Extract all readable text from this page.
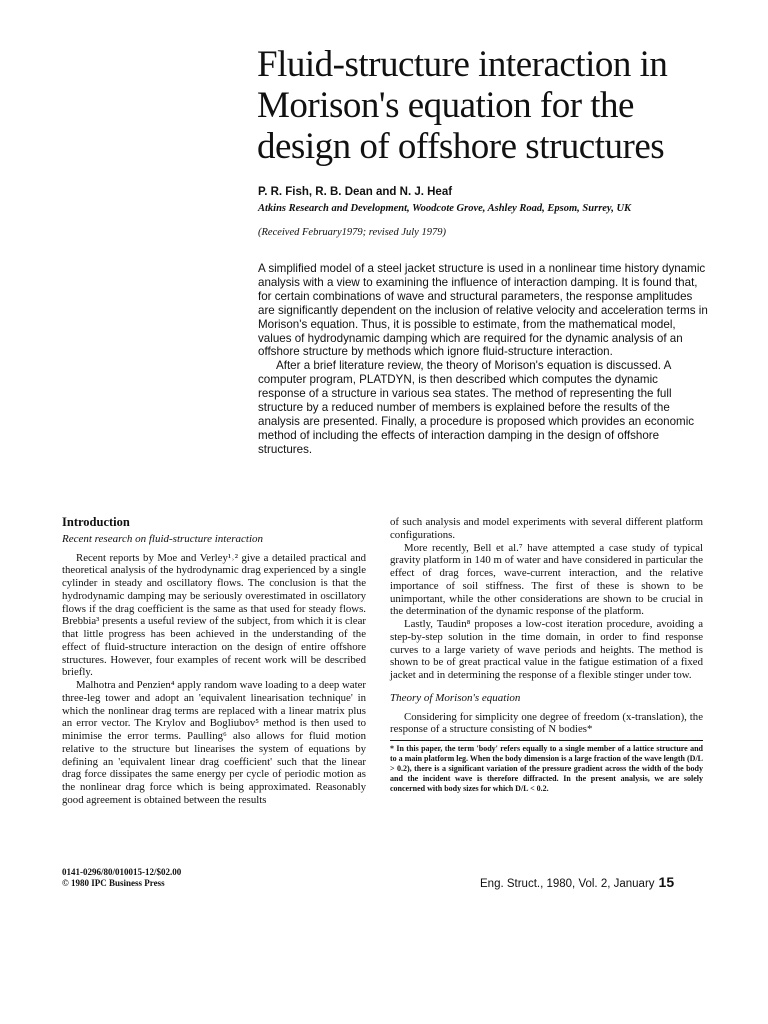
Fluid-structure interaction in
Morison's equation for the
design of offshore structures

P. R. Fish, R. B. Dean and N. J. Heaf

Atkins Research and Development, Woodcote Grove, Ashley Road, Epsom, Surrey, UK

(Received February1979; revised July 1979)

A simplified model of a steel jacket structure is used in a nonlinear time history dynamic analysis with a view to examining the influence of interaction damping. It is found that, for certain combinations of wave and structural parameters, the response amplitudes are significantly dependent on the inclusion of relative velocity and acceleration terms in Morison's equation. Thus, it is possible to estimate, from the mathematical model, values of hydrodynamic damping which are required for the dynamic analysis of an offshore structure by methods which ignore fluid-structure interaction.

After a brief literature review, the theory of Morison's equation is discussed. A computer program, PLATDYN, is then described which computes the dynamic response of a structure in various sea states. The method of representing the full structure by a reduced number of members is explained before the results of the analysis are presented. Finally, a procedure is proposed which provides an economic method of including the effects of interaction damping in the design of offshore structures.

Introduction
Recent research on fluid-structure interaction

Recent reports by Moe and Verley¹˒² give a detailed practical and theoretical analysis of the hydrodynamic drag experienced by a single cylinder in steady and oscillatory flows. The conclusion is that the hydrodynamic damping may be seriously overestimated in oscillatory flows if the drag coefficient is the same as that used for steady flows. Brebbia³ presents a useful review of the subject, from which it is clear that little progress has been achieved in the understanding of the effect of fluid-structure interaction on the design of entire offshore structures. However, four examples of recent work will be described briefly.

Malhotra and Penzien⁴ apply random wave loading to a deep water three-leg tower and adopt an 'equivalent linearisation technique' in which the nonlinear drag terms are replaced with a linear matrix plus an error vector. The Krylov and Bogliubov⁵ method is then used to minimise the error terms. Paulling⁶ also allows for fluid motion relative to the structure but linearises the system of equations by defining an 'equivalent linear drag coefficient' such that the linear drag force dissipates the same energy per cycle of periodic motion as the nonlinear drag force which is being approximated. Reasonably good agreement is obtained between the results

of such analysis and model experiments with several different platform configurations.

More recently, Bell et al.⁷ have attempted a case study of typical gravity platform in 140 m of water and have considered in particular the effect of drag forces, wave-current interaction, and the relative importance of soil stiffness. The first of these is shown to be unimportant, while the other considerations are shown to be crucial in the determination of the dynamic response of the platform.

Lastly, Taudin⁸ proposes a low-cost iteration procedure, avoiding a step-by-step solution in the time domain, in order to find response curves to a large variety of wave periods and heights. The method is shown to be of great practical value in the fatigue estimation of a fixed jacket and in determining the response of a flexible stinger under tow.

Theory of Morison's equation

Considering for simplicity one degree of freedom (x-translation), the response of a structure consisting of N bodies*

* In this paper, the term 'body' refers equally to a single member of a lattice structure and to a main platform leg. When the body dimension is a large fraction of the wave length (D/L > 0.2), there is a significant variation of the pressure gradient across the width of the body and the incident wave is therefore diffracted. In the present analysis, we are solely concerned with body sizes for which D/L < 0.2.

0141-0296/80/010015-12/$02.00
© 1980 IPC Business Press	Eng. Struct., 1980, Vol. 2, January 15
